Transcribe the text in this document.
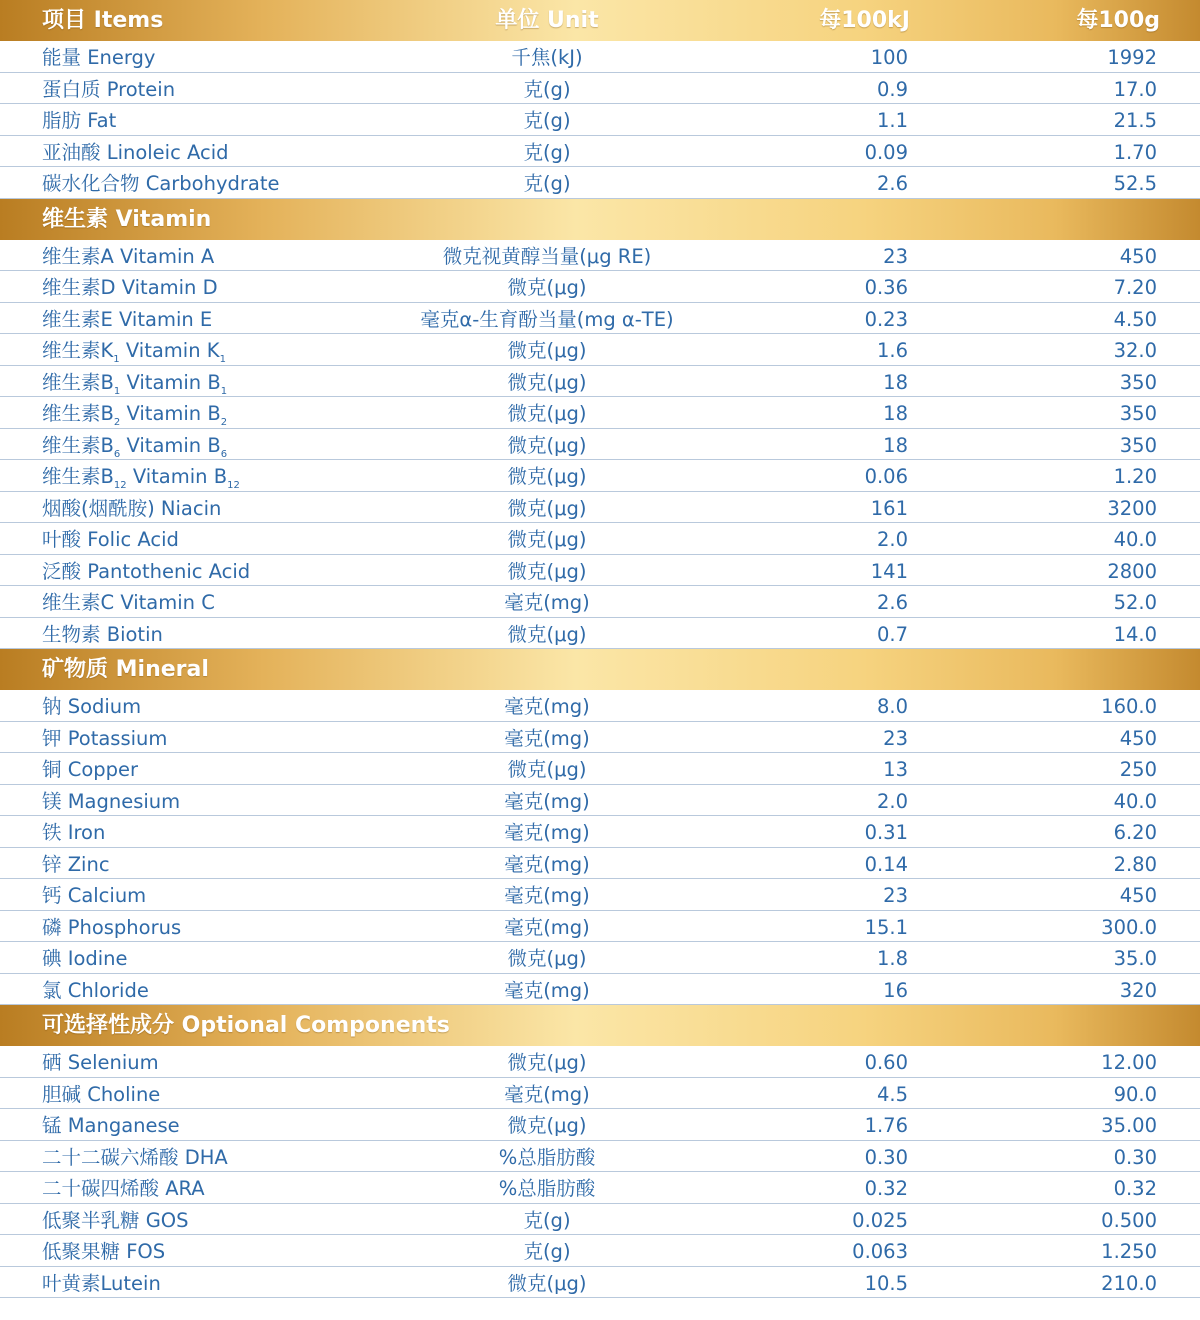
项目 Items	单位 Unit	每100kJ	每100g
能量 Energy	千焦(kJ)	100	1992
蛋白质 Protein	克(g)	0.9	17.0
脂肪 Fat	克(g)	1.1	21.5
亚油酸 Linoleic Acid	克(g)	0.09	1.70
碳水化合物 Carbohydrate	克(g)	2.6	52.5
维生素 Vitamin
维生素A Vitamin A	微克视黄醇当量(μg RE)	23	450
维生素D Vitamin D	微克(μg)	0.36	7.20
维生素E Vitamin E	毫克α-生育酚当量(mg α-TE)	0.23	4.50
维生素$K_1$ Vitamin $K_1$	微克(μg)	1.6	32.0
维生素$B_1$ Vitamin $B_1$	微克(μg)	18	350
维生素$B_2$ Vitamin $B_2$	微克(μg)	18	350
维生素$B_6$ Vitamin $B_6$	微克(μg)	18	350
维生素$B_{12}$ Vitamin $B_{12}$	微克(μg)	0.06	1.20
烟酸(烟酰胺) Niacin	微克(μg)	161	3200
叶酸 Folic Acid	微克(μg)	2.0	40.0
泛酸 Pantothenic Acid	微克(μg)	141	2800
维生素C Vitamin C	毫克(mg)	2.6	52.0
生物素 Biotin	微克(μg)	0.7	14.0
矿物质 Mineral
钠 Sodium	毫克(mg)	8.0	160.0
钾 Potassium	毫克(mg)	23	450
铜 Copper	微克(μg)	13	250
镁 Magnesium	毫克(mg)	2.0	40.0
铁 Iron	毫克(mg)	0.31	6.20
锌 Zinc	毫克(mg)	0.14	2.80
钙 Calcium	毫克(mg)	23	450
磷 Phosphorus	毫克(mg)	15.1	300.0
碘 Iodine	微克(μg)	1.8	35.0
氯 Chloride	毫克(mg)	16	320
可选择性成分 Optional Components
硒 Selenium	微克(μg)	0.60	12.00
胆碱 Choline	毫克(mg)	4.5	90.0
锰 Manganese	微克(μg)	1.76	35.00
二十二碳六烯酸 DHA	%总脂肪酸	0.30	0.30
二十碳四烯酸 ARA	%总脂肪酸	0.32	0.32
低聚半乳糖 GOS	克(g)	0.025	0.500
低聚果糖 FOS	克(g)	0.063	1.250
叶黄素Lutein	微克(μg)	10.5	210.0
